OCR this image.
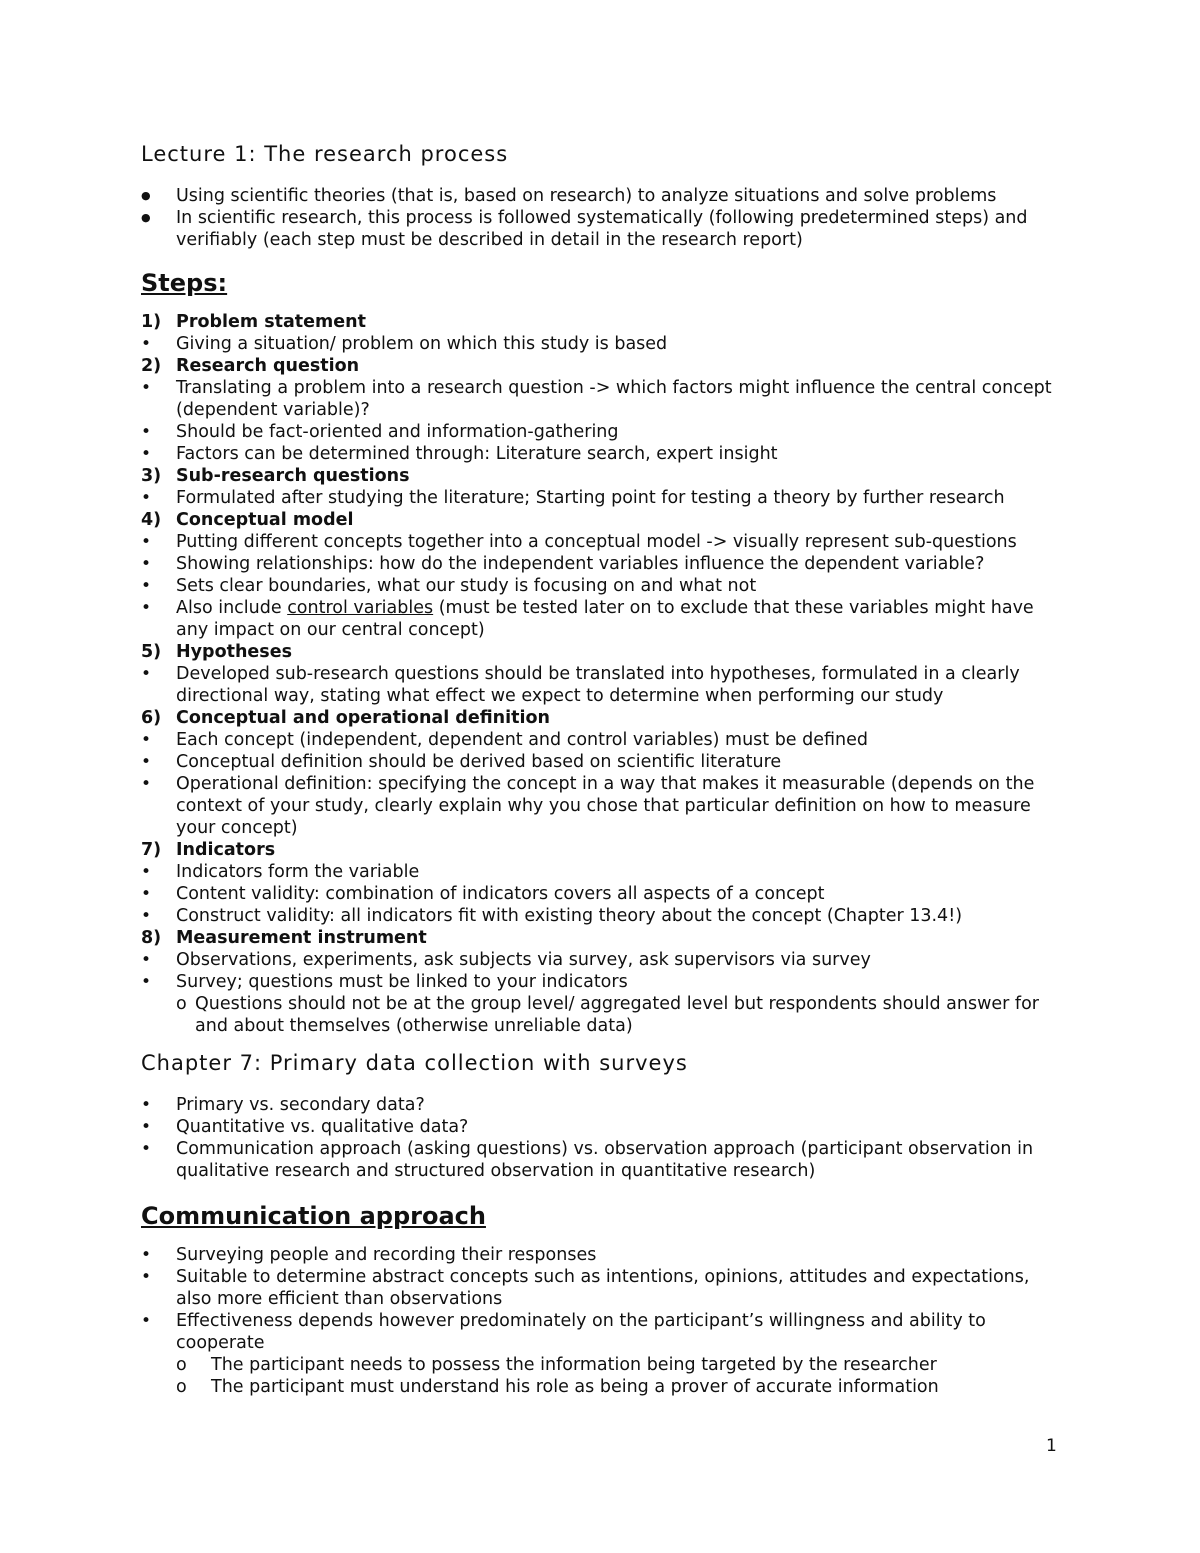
Lecture 1: The research process
●
Using scientific theories (that is, based on research) to analyze situations and solve problems
●
In scientific research, this process is followed systematically (following predetermined steps) and verifiably (each step must be described in detail in the research report)
Steps:
1) Problem statement
•
Giving a situation/ problem on which this study is based
2) Research question
•
Translating a problem into a research question -> which factors might influence the central concept (dependent variable)?
•
Should be fact-oriented and information-gathering
•
Factors can be determined through: Literature search, expert insight
3) Sub-research questions
•
Formulated after studying the literature; Starting point for testing a theory by further research
4) Conceptual model
•
Putting different concepts together into a conceptual model -> visually represent sub-questions
•
Showing relationships: how do the independent variables influence the dependent variable?
•
Sets clear boundaries, what our study is focusing on and what not
•
Also include control variables (must be tested later on to exclude that these variables might have any impact on our central concept)
5) Hypotheses
•
Developed sub-research questions should be translated into hypotheses, formulated in a clearly directional way, stating what effect we expect to determine when performing our study
6) Conceptual and operational definition
•
Each concept (independent, dependent and control variables) must be defined
•
Conceptual definition should be derived based on scientific literature
•
Operational definition: specifying the concept in a way that makes it measurable (depends on the context of your study, clearly explain why you chose that particular definition on how to measure your concept)
7) Indicators
•
Indicators form the variable
•
Content validity: combination of indicators covers all aspects of a concept
•
Construct validity: all indicators fit with existing theory about the concept (Chapter 13.4!)
8) Measurement instrument
•
Observations, experiments, ask subjects via survey, ask supervisors via survey
•
Survey; questions must be linked to your indicators
o Questions should not be at the group level/ aggregated level but respondents should answer for and about themselves (otherwise unreliable data)
Chapter 7: Primary data collection with surveys
•
Primary vs. secondary data?
•
Quantitative vs. qualitative data?
•
Communication approach (asking questions) vs. observation approach (participant observation in qualitative research and structured observation in quantitative research)
Communication approach
•
Surveying people and recording their responses
•
Suitable to determine abstract concepts such as intentions, opinions, attitudes and expectations, also more efficient than observations
•
Effectiveness depends however predominately on the participant’s willingness and ability to cooperate
o	The participant needs to possess the information being targeted by the researcher
o	The participant must understand his role as being a prover of accurate information
1
